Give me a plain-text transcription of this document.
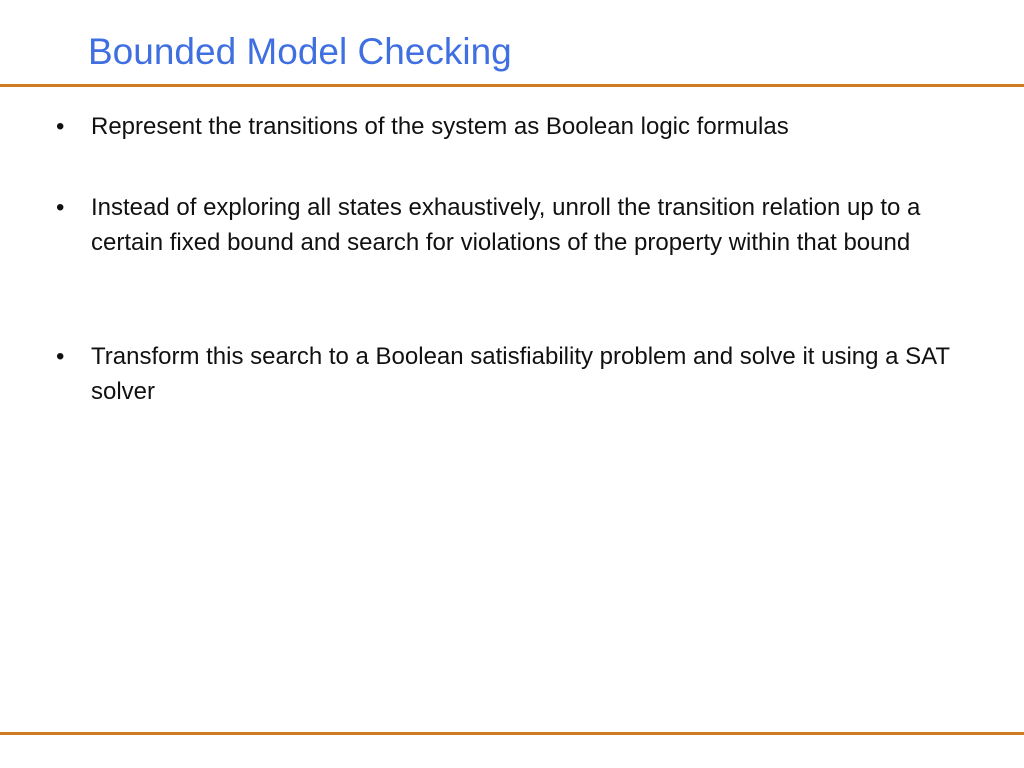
Bounded Model Checking
• Represent the transitions of the system as Boolean logic formulas
• Instead of exploring all states exhaustively, unroll the transition relation up to a certain fixed bound and search for violations of the property within that bound
• Transform this search to a Boolean satisfiability problem and solve it using a SAT solver
